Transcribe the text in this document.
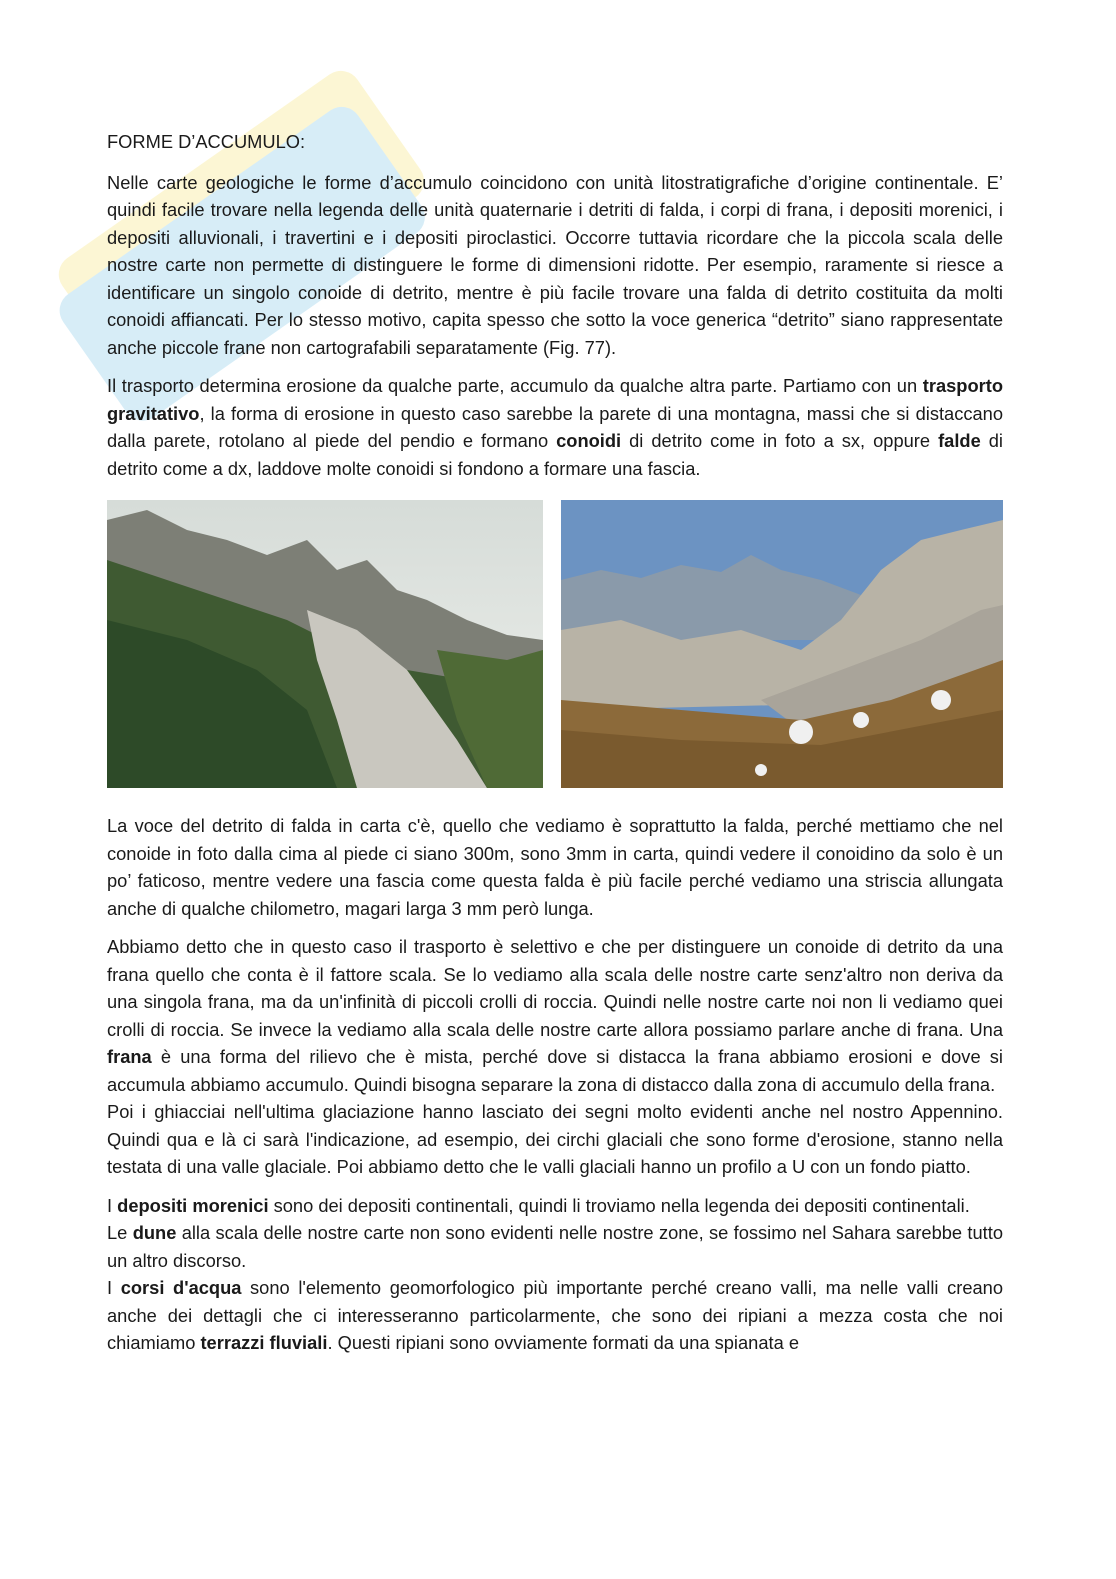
FORME D’ACCUMULO:

Nelle carte geologiche le forme d’accumulo coincidono con unità litostratigrafiche d’origine continentale. E’ quindi facile trovare nella legenda delle unità quaternarie i detriti di falda, i corpi di frana, i depositi morenici, i depositi alluvionali, i travertini e i depositi piroclastici. Occorre tuttavia ricordare che la piccola scala delle nostre carte non permette di distinguere le forme di dimensioni ridotte. Per esempio, raramente si riesce a identificare un singolo conoide di detrito, mentre è più facile trovare una falda di detrito costituita da molti conoidi affiancati. Per lo stesso motivo, capita spesso che sotto la voce generica “detrito” siano rappresentate anche piccole frane non cartografabili separatamente (Fig. 77).

Il trasporto determina erosione da qualche parte, accumulo da qualche altra parte. Partiamo con un trasporto gravitativo, la forma di erosione in questo caso sarebbe la parete di una montagna, massi che si distaccano dalla parete, rotolano al piede del pendio e formano conoidi di detrito come in foto a sx, oppure falde di detrito come a dx, laddove molte conoidi si fondono a formare una fascia.

La voce del detrito di falda in carta c'è, quello che vediamo è soprattutto la falda, perché mettiamo che nel conoide in foto dalla cima al piede ci siano 300m, sono 3mm in carta, quindi vedere il conoidino da solo è un po’ faticoso, mentre vedere una fascia come questa falda è più facile perché vediamo una striscia allungata anche di qualche chilometro, magari larga 3 mm però lunga.

Abbiamo detto che in questo caso il trasporto è selettivo e che per distinguere un conoide di detrito da una frana quello che conta è il fattore scala. Se lo vediamo alla scala delle nostre carte senz'altro non deriva da una singola frana, ma da un'infinità di piccoli crolli di roccia. Quindi nelle nostre carte noi non li vediamo quei crolli di roccia. Se invece la vediamo alla scala delle nostre carte allora possiamo parlare anche di frana. Una frana è una forma del rilievo che è mista, perché dove si distacca la frana abbiamo erosioni e dove si accumula abbiamo accumulo. Quindi bisogna separare la zona di distacco dalla zona di accumulo della frana.

Poi i ghiacciai nell'ultima glaciazione hanno lasciato dei segni molto evidenti anche nel nostro Appennino. Quindi qua e là ci sarà l'indicazione, ad esempio, dei circhi glaciali che sono forme d'erosione, stanno nella testata di una valle glaciale. Poi abbiamo detto che le valli glaciali hanno un profilo a U con un fondo piatto.

I depositi morenici sono dei depositi continentali, quindi li troviamo nella legenda dei depositi continentali.

Le dune alla scala delle nostre carte non sono evidenti nelle nostre zone, se fossimo nel Sahara sarebbe tutto un altro discorso.

I corsi d'acqua sono l'elemento geomorfologico più importante perché creano valli, ma nelle valli creano anche dei dettagli che ci interesseranno particolarmente, che sono dei ripiani a mezza costa che noi chiamiamo terrazzi fluviali. Questi ripiani sono ovviamente formati da una spianata e
